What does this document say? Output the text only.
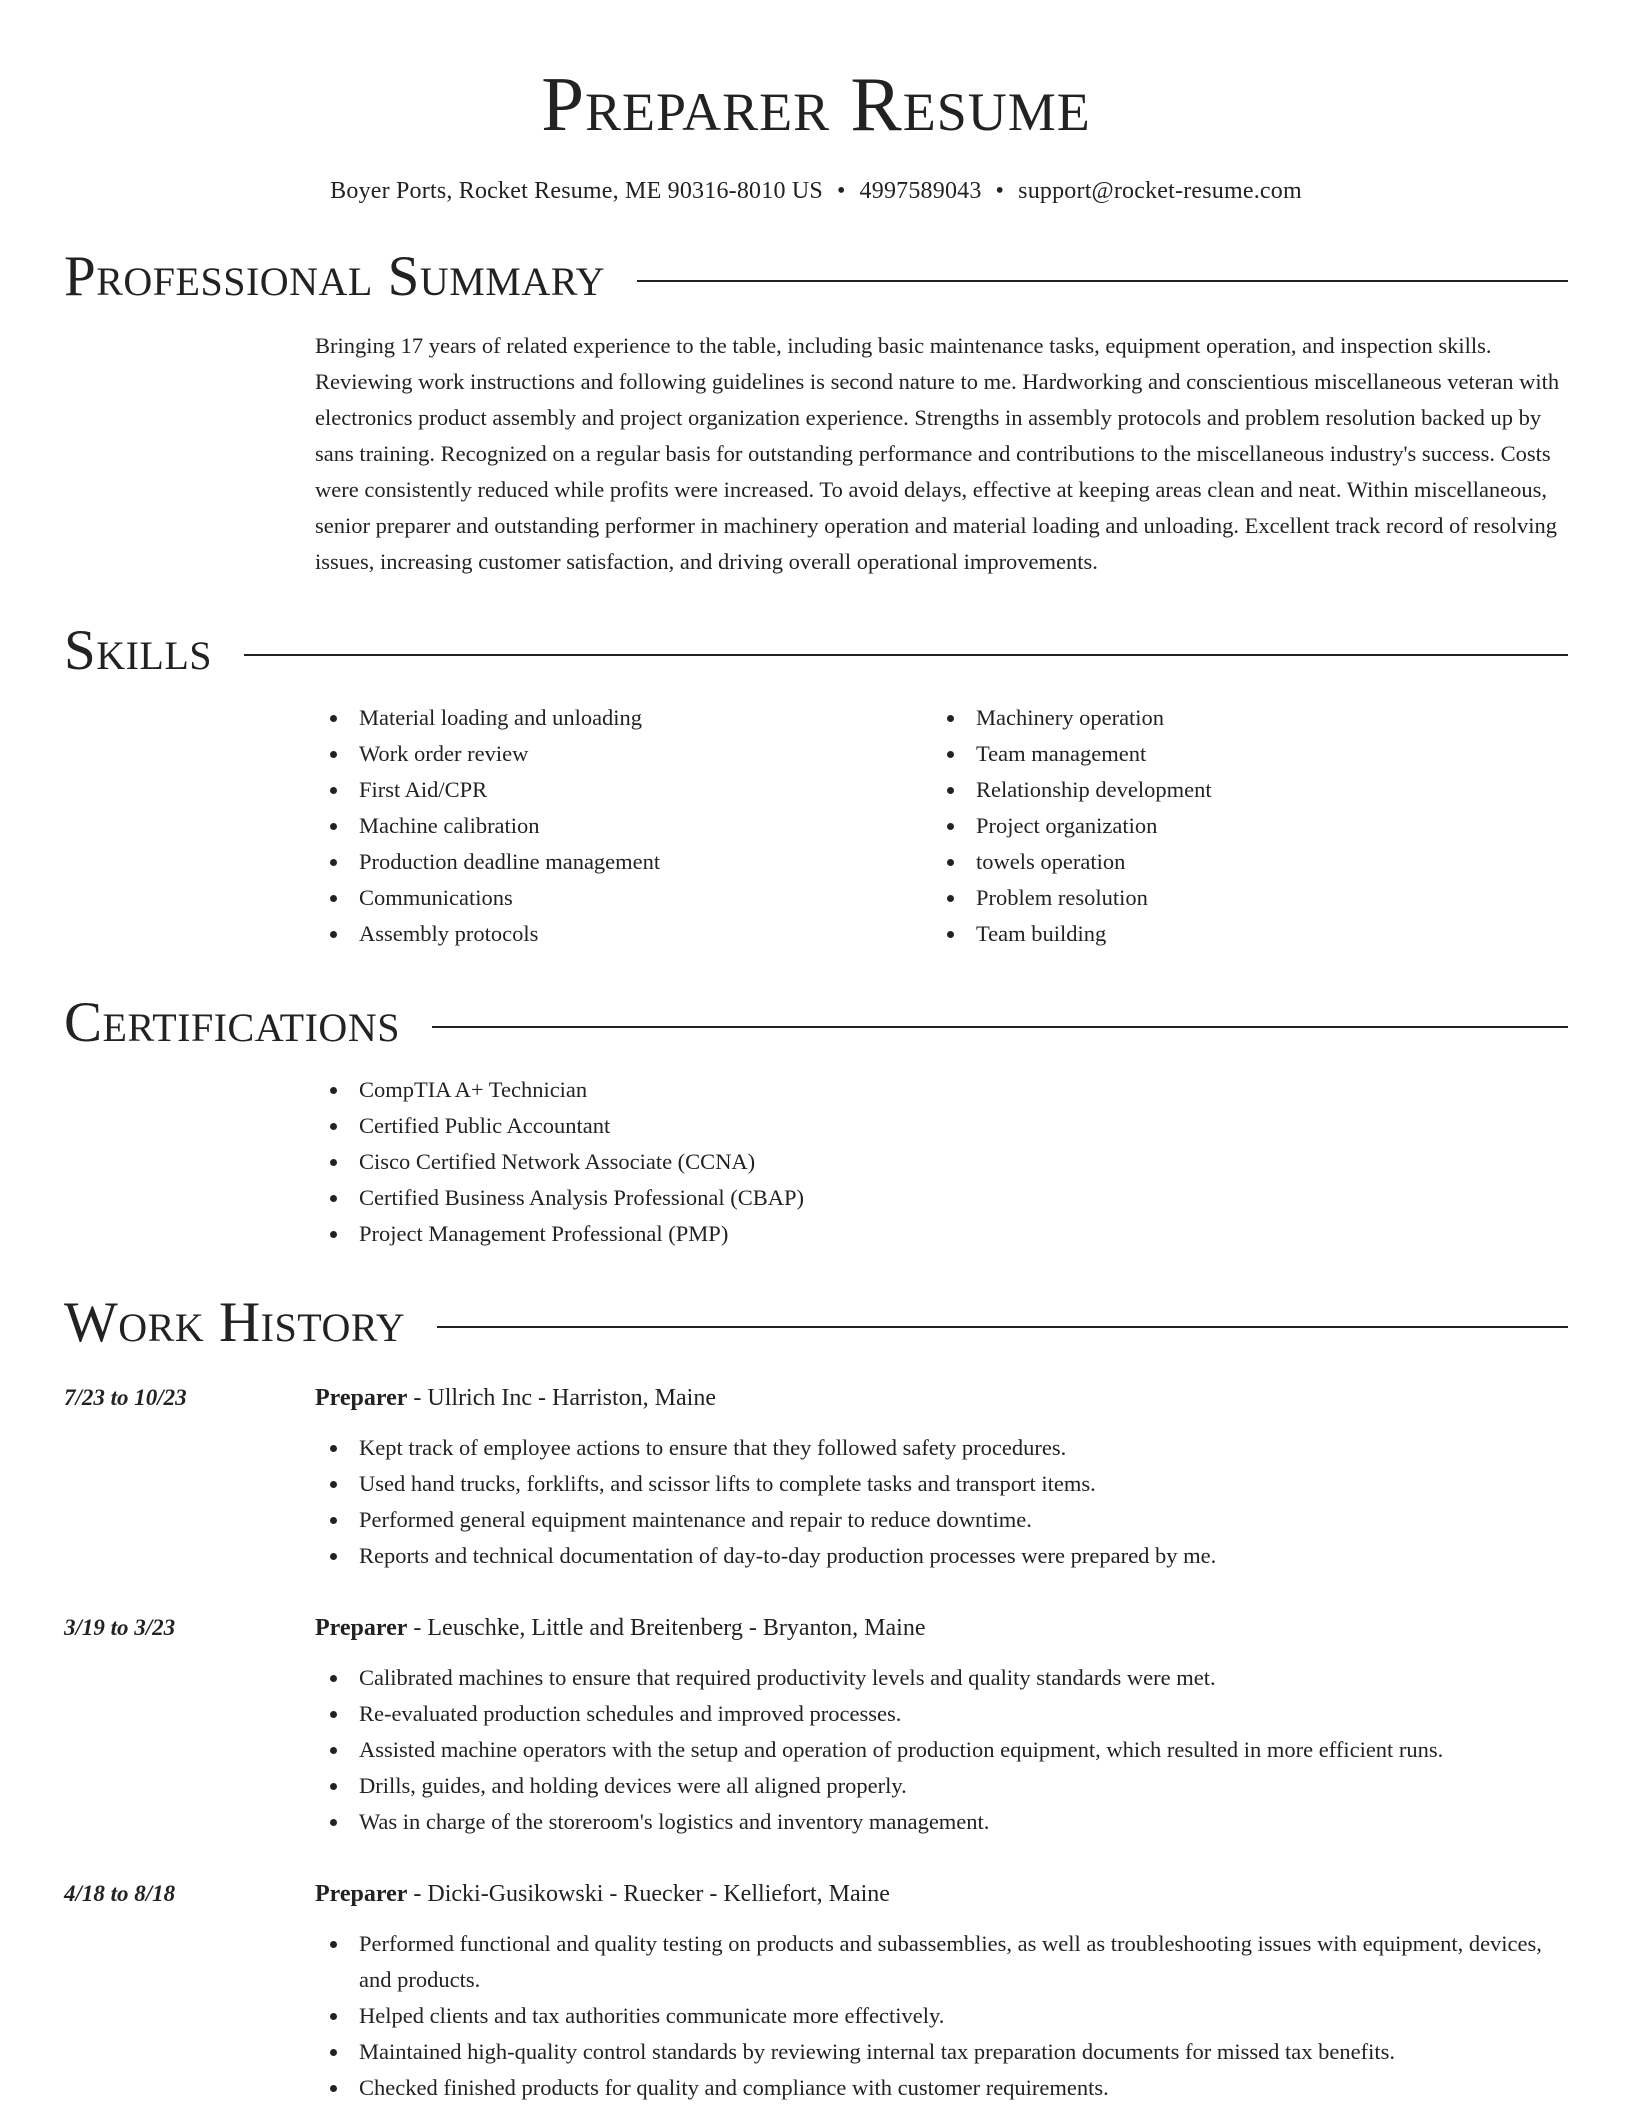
Preparer Resume
Boyer Ports, Rocket Resume, ME 90316-8010 US • 4997589043 • support@rocket-resume.com
Professional Summary
Bringing 17 years of related experience to the table, including basic maintenance tasks, equipment operation, and inspection skills. Reviewing work instructions and following guidelines is second nature to me. Hardworking and conscientious miscellaneous veteran with electronics product assembly and project organization experience. Strengths in assembly protocols and problem resolution backed up by sans training. Recognized on a regular basis for outstanding performance and contributions to the miscellaneous industry's success. Costs were consistently reduced while profits were increased. To avoid delays, effective at keeping areas clean and neat. Within miscellaneous, senior preparer and outstanding performer in machinery operation and material loading and unloading. Excellent track record of resolving issues, increasing customer satisfaction, and driving overall operational improvements.
Skills
Material loading and unloading
Work order review
First Aid/CPR
Machine calibration
Production deadline management
Communications
Assembly protocols
Machinery operation
Team management
Relationship development
Project organization
towels operation
Problem resolution
Team building
Certifications
CompTIA A+ Technician
Certified Public Accountant
Cisco Certified Network Associate (CCNA)
Certified Business Analysis Professional (CBAP)
Project Management Professional (PMP)
Work History
7/23 to 10/23	Preparer - Ullrich Inc - Harriston, Maine
Kept track of employee actions to ensure that they followed safety procedures.
Used hand trucks, forklifts, and scissor lifts to complete tasks and transport items.
Performed general equipment maintenance and repair to reduce downtime.
Reports and technical documentation of day-to-day production processes were prepared by me.
3/19 to 3/23	Preparer - Leuschke, Little and Breitenberg - Bryanton, Maine
Calibrated machines to ensure that required productivity levels and quality standards were met.
Re-evaluated production schedules and improved processes.
Assisted machine operators with the setup and operation of production equipment, which resulted in more efficient runs.
Drills, guides, and holding devices were all aligned properly.
Was in charge of the storeroom's logistics and inventory management.
4/18 to 8/18	Preparer - Dicki-Gusikowski - Ruecker - Kelliefort, Maine
Performed functional and quality testing on products and subassemblies, as well as troubleshooting issues with equipment, devices, and products.
Helped clients and tax authorities communicate more effectively.
Maintained high-quality control standards by reviewing internal tax preparation documents for missed tax benefits.
Checked finished products for quality and compliance with customer requirements.
